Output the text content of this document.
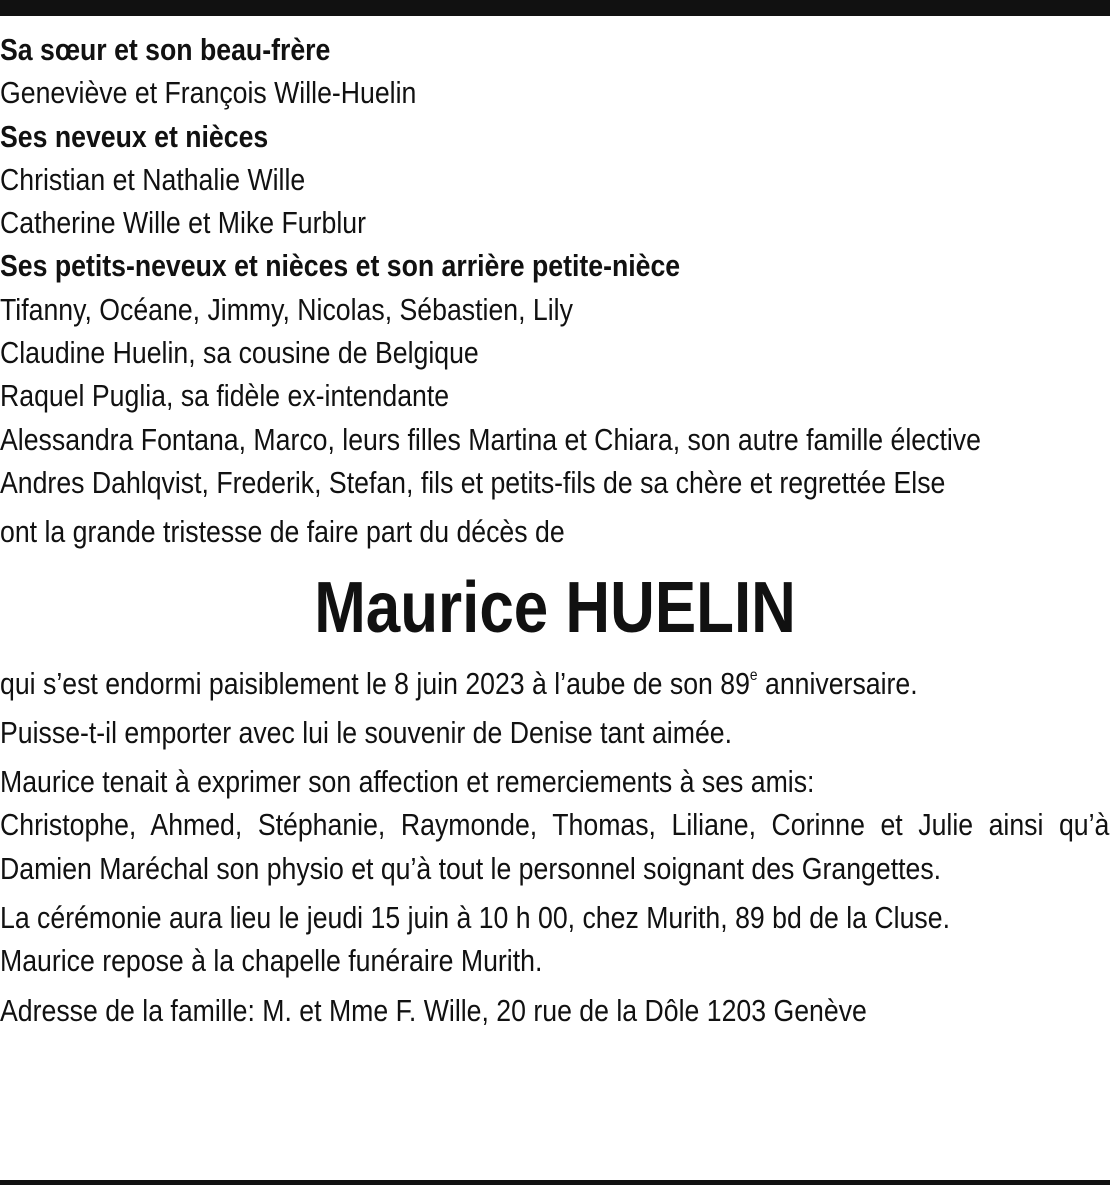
Sa sœur et son beau-frère
Geneviève et François Wille-Huelin
Ses neveux et nièces
Christian et Nathalie Wille
Catherine Wille et Mike Furblur
Ses petits-neveux et nièces et son arrière petite-nièce
Tifanny, Océane, Jimmy, Nicolas, Sébastien, Lily
Claudine Huelin, sa cousine de Belgique
Raquel Puglia, sa fidèle ex-intendante
Alessandra Fontana, Marco, leurs filles Martina et Chiara, son autre famille élective
Andres Dahlqvist, Frederik, Stefan, fils et petits-fils de sa chère et regrettée Else
ont la grande tristesse de faire part du décès de
Maurice HUELIN
qui s’est endormi paisiblement le 8 juin 2023 à l’aube de son 89e anniversaire.
Puisse-t-il emporter avec lui le souvenir de Denise tant aimée.
Maurice tenait à exprimer son affection et remerciements à ses amis:
Christophe, Ahmed, Stéphanie, Raymonde, Thomas, Liliane, Corinne et Julie ainsi qu’à Damien Maréchal son physio et qu’à tout le personnel soignant des Grangettes.
La cérémonie aura lieu le jeudi 15 juin à 10 h 00, chez Murith, 89 bd de la Cluse.
Maurice repose à la chapelle funéraire Murith.
Adresse de la famille: M. et Mme F. Wille, 20 rue de la Dôle 1203 Genève
